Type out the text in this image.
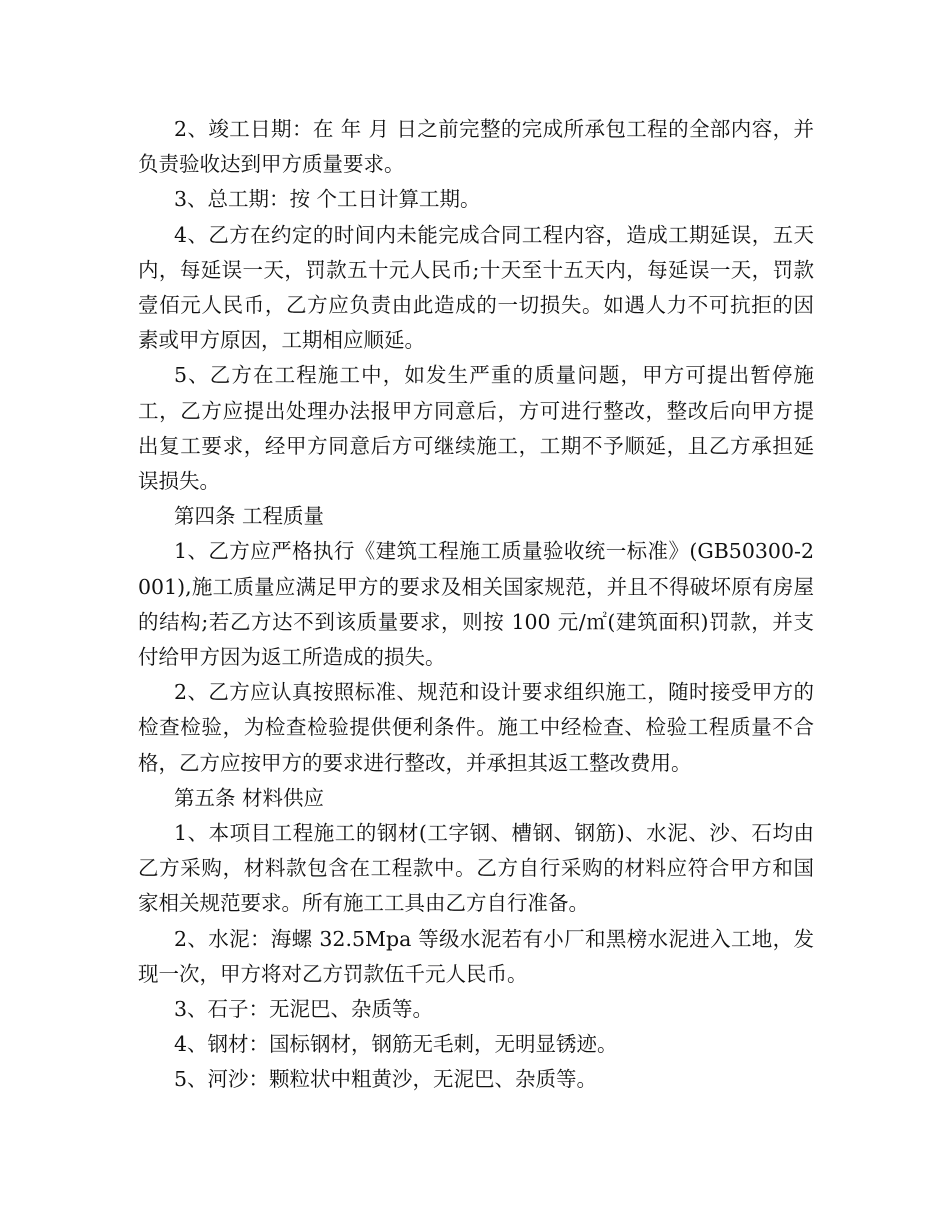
2、竣工日期：在 年 月 日之前完整的完成所承包工程的全部内容，并负责验收达到甲方质量要求。

3、总工期：按 个工日计算工期。

4、乙方在约定的时间内未能完成合同工程内容，造成工期延误，五天内，每延误一天，罚款五十元人民币;十天至十五天内，每延误一天，罚款壹佰元人民币，乙方应负责由此造成的一切损失。如遇人力不可抗拒的因素或甲方原因，工期相应顺延。

5、乙方在工程施工中，如发生严重的质量问题，甲方可提出暂停施工，乙方应提出处理办法报甲方同意后，方可进行整改，整改后向甲方提出复工要求，经甲方同意后方可继续施工，工期不予顺延，且乙方承担延误损失。

第四条 工程质量

1、乙方应严格执行《建筑工程施工质量验收统一标准》(GB50300-2001),施工质量应满足甲方的要求及相关国家规范，并且不得破坏原有房屋的结构;若乙方达不到该质量要求，则按 100 元/㎡(建筑面积)罚款，并支付给甲方因为返工所造成的损失。

2、乙方应认真按照标准、规范和设计要求组织施工，随时接受甲方的检查检验，为检查检验提供便利条件。施工中经检查、检验工程质量不合格，乙方应按甲方的要求进行整改，并承担其返工整改费用。

第五条 材料供应

1、本项目工程施工的钢材(工字钢、槽钢、钢筋)、水泥、沙、石均由乙方采购，材料款包含在工程款中。乙方自行采购的材料应符合甲方和国家相关规范要求。所有施工工具由乙方自行准备。

2、水泥：海螺 32.5Mpa 等级水泥若有小厂和黑榜水泥进入工地，发现一次，甲方将对乙方罚款伍千元人民币。

3、石子：无泥巴、杂质等。

4、钢材：国标钢材，钢筋无毛刺，无明显锈迹。

5、河沙：颗粒状中粗黄沙，无泥巴、杂质等。
